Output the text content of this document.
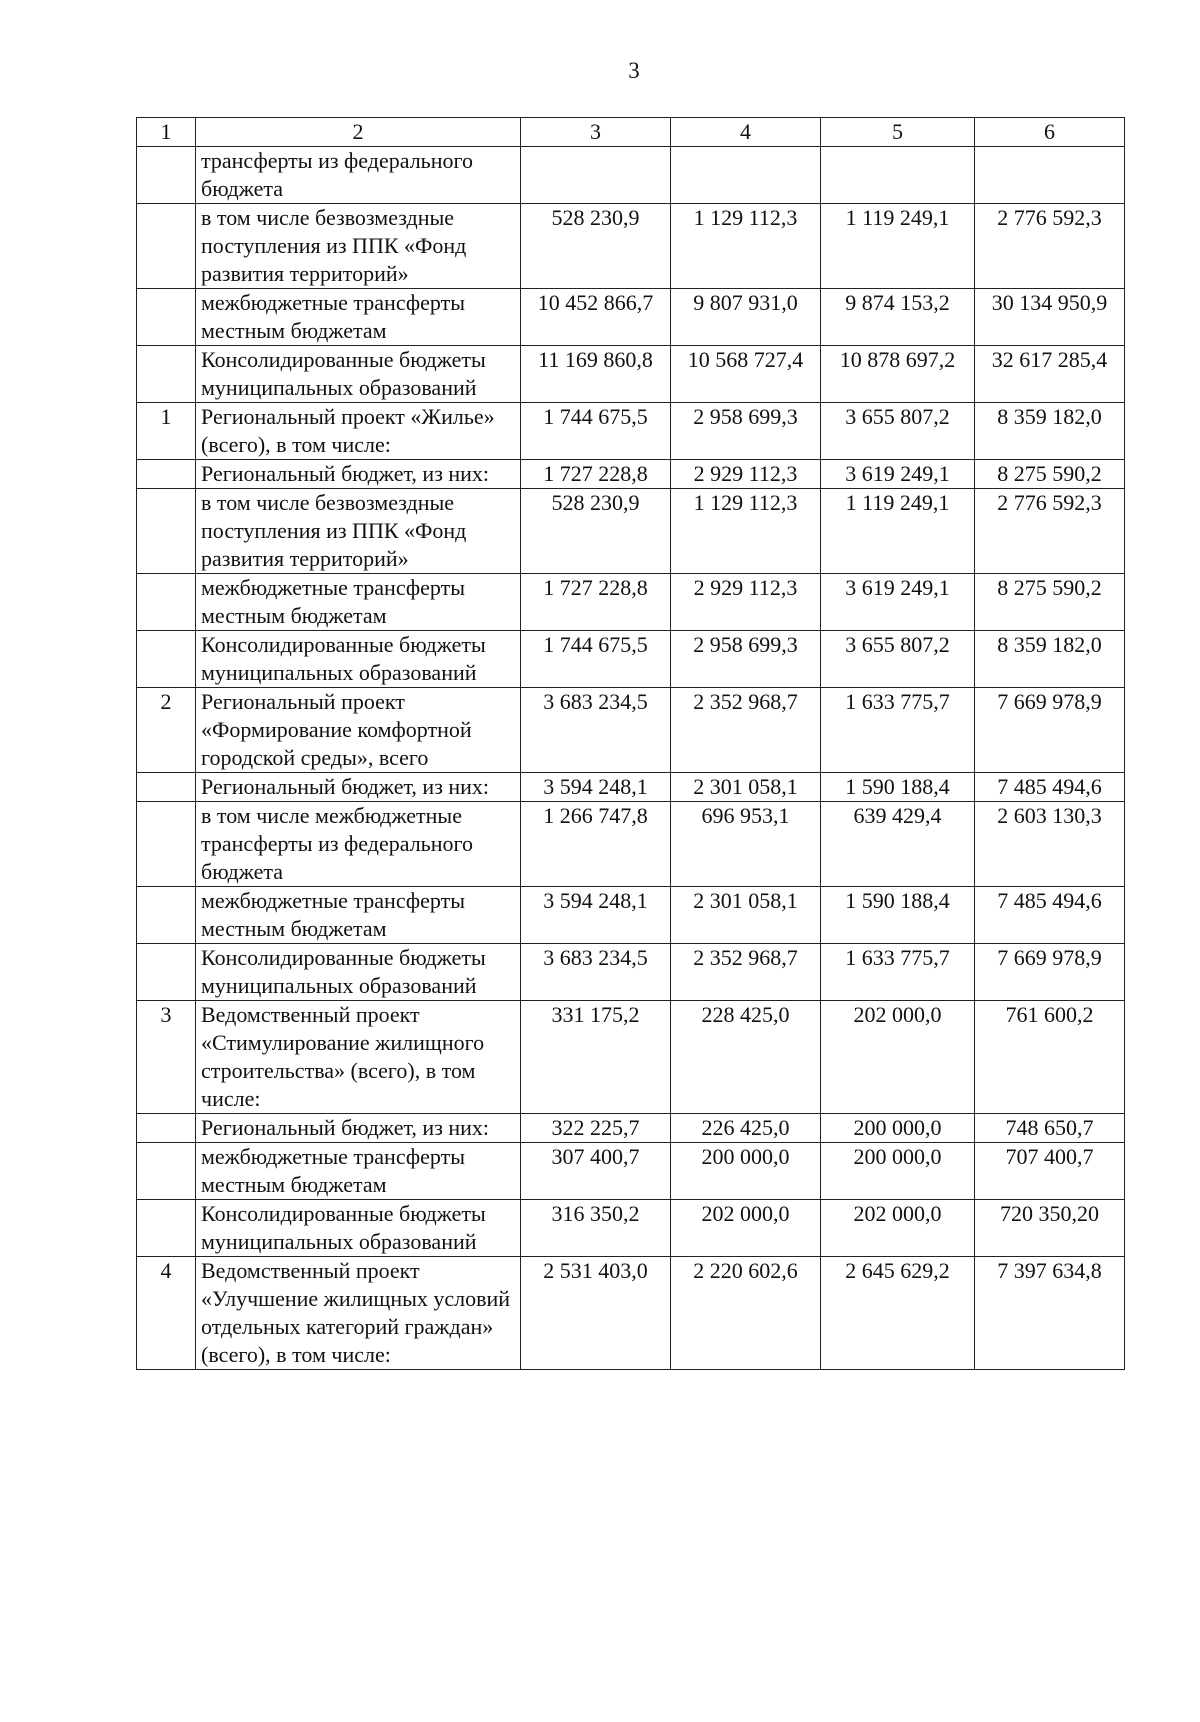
3
1	2	3	4	5	6
	трансферты из федерального бюджета				
	в том числе безвозмездные поступления из ППК «Фонд развития территорий»	528 230,9	1 129 112,3	1 119 249,1	2 776 592,3
	межбюджетные трансферты местным бюджетам	10 452 866,7	9 807 931,0	9 874 153,2	30 134 950,9
	Консолидированные бюджеты муниципальных образований	11 169 860,8	10 568 727,4	10 878 697,2	32 617 285,4
1	Региональный проект «Жилье» (всего), в том числе:	1 744 675,5	2 958 699,3	3 655 807,2	8 359 182,0
	Региональный бюджет, из них:	1 727 228,8	2 929 112,3	3 619 249,1	8 275 590,2
	в том числе безвозмездные поступления из ППК «Фонд развития территорий»	528 230,9	1 129 112,3	1 119 249,1	2 776 592,3
	межбюджетные трансферты местным бюджетам	1 727 228,8	2 929 112,3	3 619 249,1	8 275 590,2
	Консолидированные бюджеты муниципальных образований	1 744 675,5	2 958 699,3	3 655 807,2	8 359 182,0
2	Региональный проект «Формирование комфортной городской среды», всего	3 683 234,5	2 352 968,7	1 633 775,7	7 669 978,9
	Региональный бюджет, из них:	3 594 248,1	2 301 058,1	1 590 188,4	7 485 494,6
	в том числе межбюджетные трансферты из федерального бюджета	1 266 747,8	696 953,1	639 429,4	2 603 130,3
	межбюджетные трансферты местным бюджетам	3 594 248,1	2 301 058,1	1 590 188,4	7 485 494,6
	Консолидированные бюджеты муниципальных образований	3 683 234,5	2 352 968,7	1 633 775,7	7 669 978,9
3	Ведомственный проект «Стимулирование жилищного строительства» (всего), в том числе:	331 175,2	228 425,0	202 000,0	761 600,2
	Региональный бюджет, из них:	322 225,7	226 425,0	200 000,0	748 650,7
	межбюджетные трансферты местным бюджетам	307 400,7	200 000,0	200 000,0	707 400,7
	Консолидированные бюджеты муниципальных образований	316 350,2	202 000,0	202 000,0	720 350,20
4	Ведомственный проект «Улучшение жилищных условий отдельных категорий граждан» (всего), в том числе:	2 531 403,0	2 220 602,6	2 645 629,2	7 397 634,8
